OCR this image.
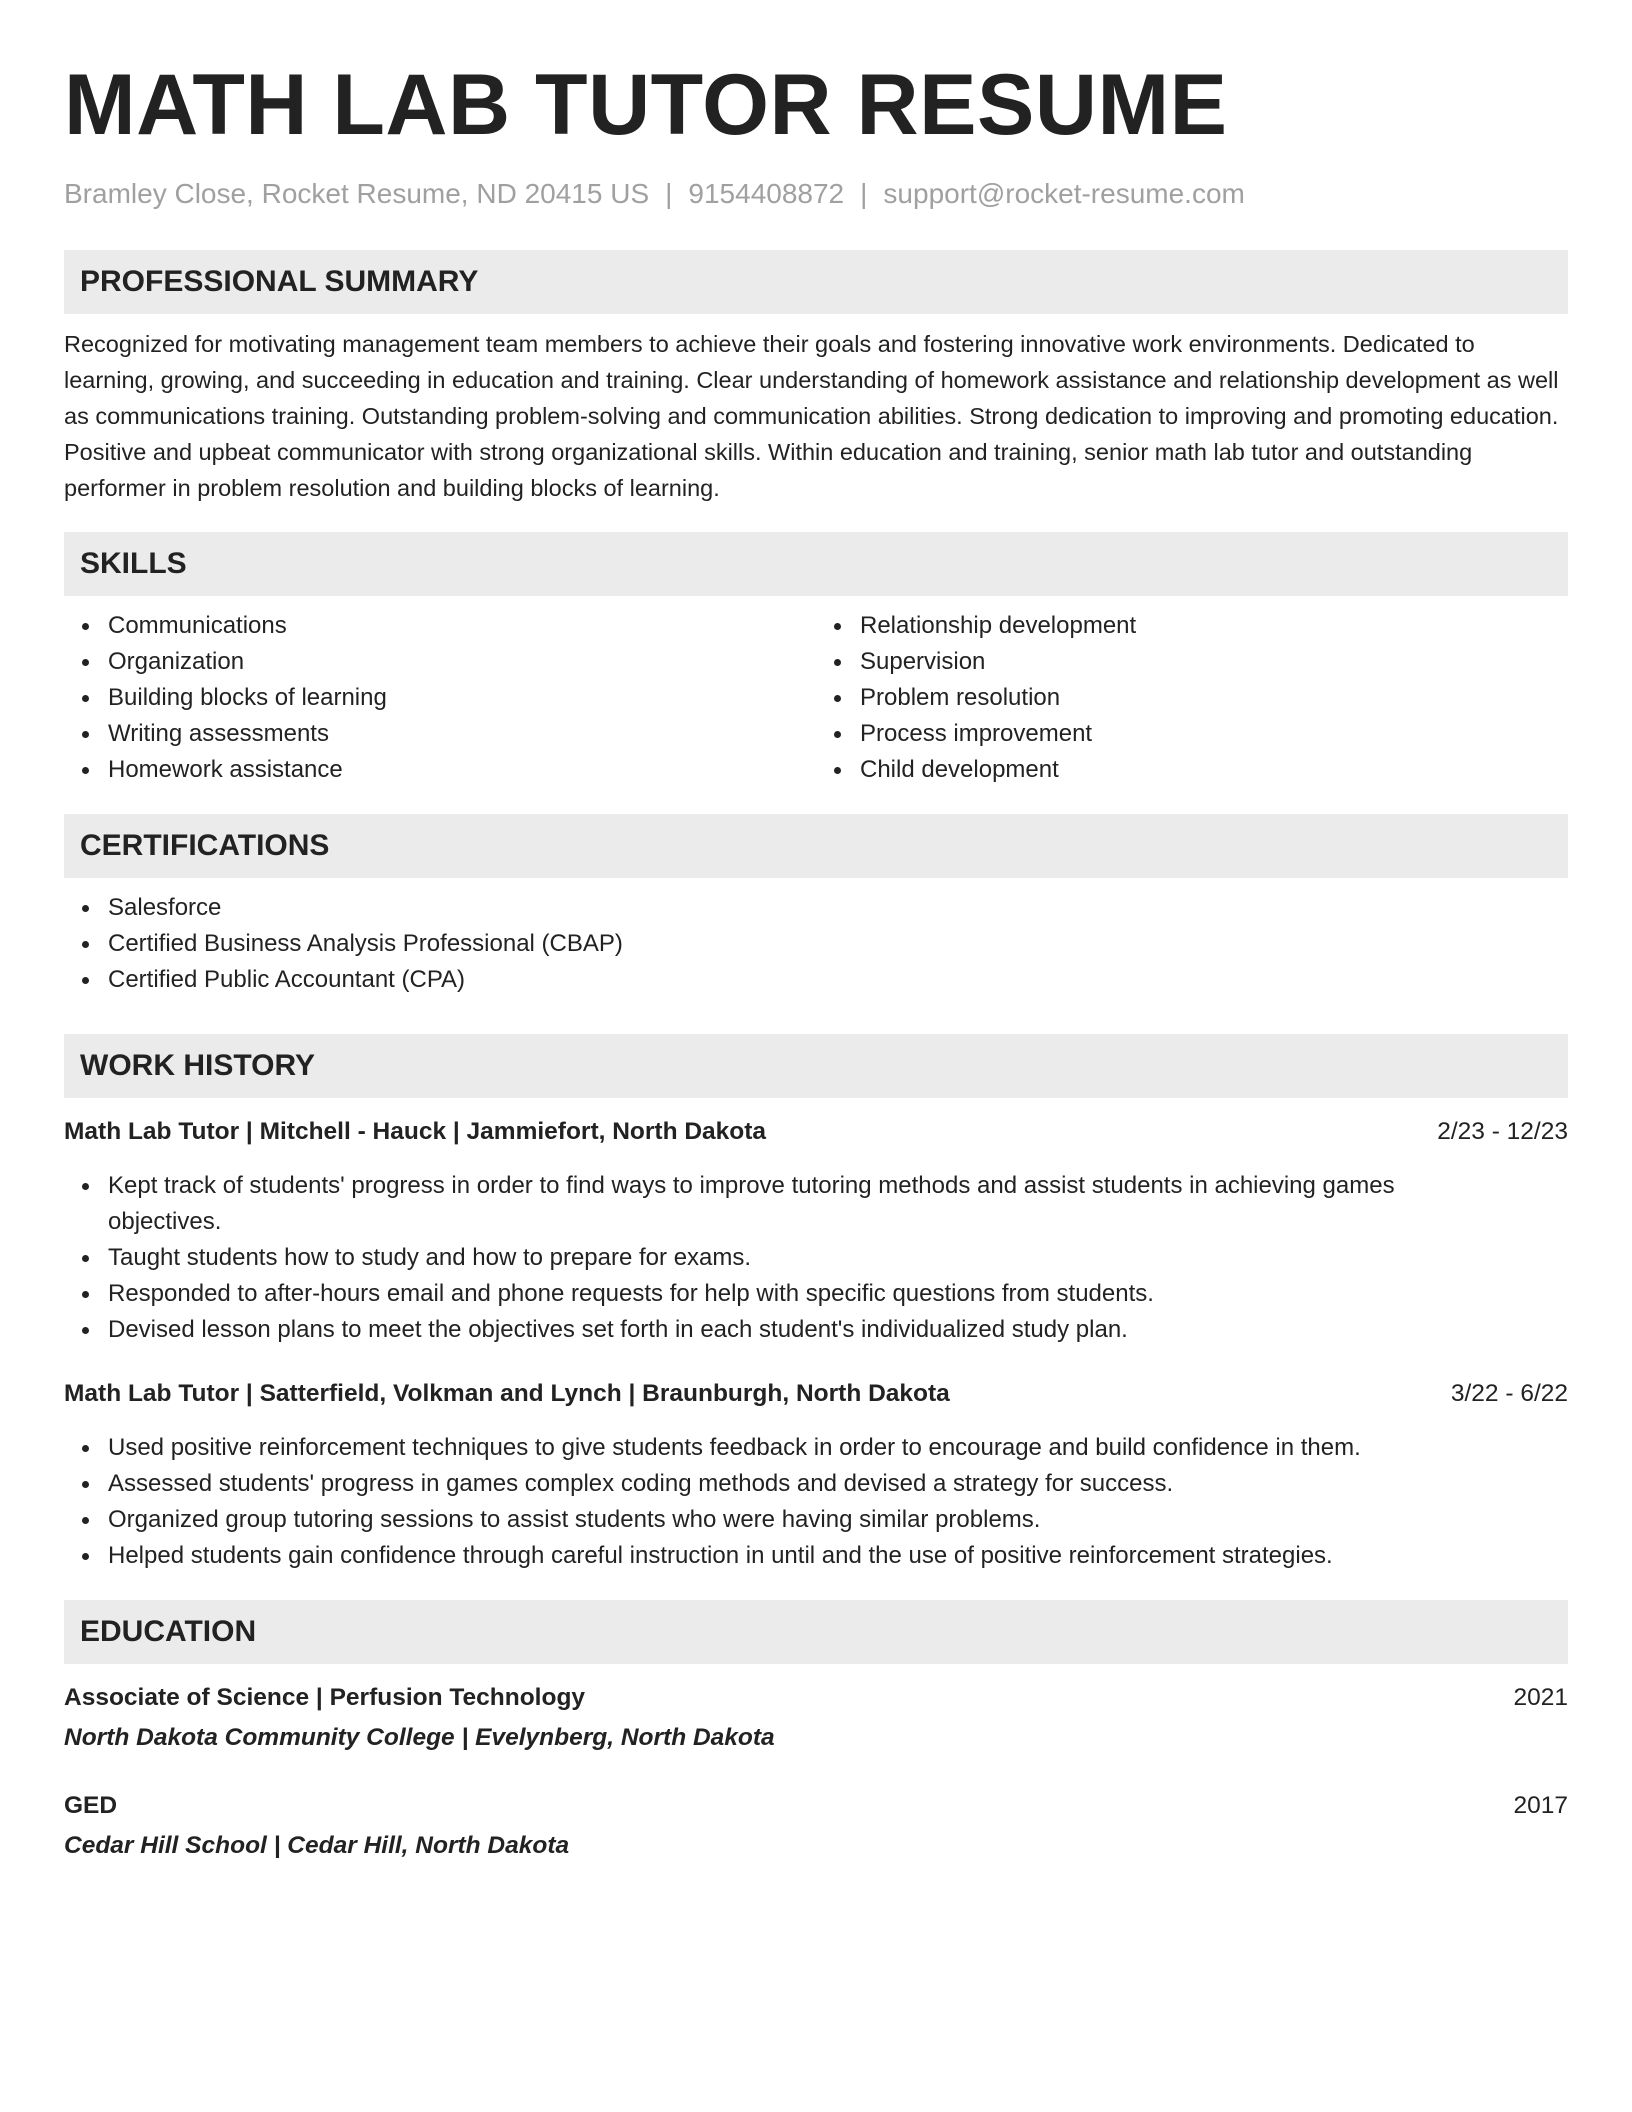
MATH LAB TUTOR RESUME
Bramley Close, Rocket Resume, ND 20415 US | 9154408872 | support@rocket-resume.com
PROFESSIONAL SUMMARY

Recognized for motivating management team members to achieve their goals and fostering innovative work environments. Dedicated to learning, growing, and succeeding in education and training. Clear understanding of homework assistance and relationship development as well as communications training. Outstanding problem-solving and communication abilities. Strong dedication to improving and promoting education. Positive and upbeat communicator with strong organizational skills. Within education and training, senior math lab tutor and outstanding performer in problem resolution and building blocks of learning.

SKILLS
Communications
Organization
Building blocks of learning
Writing assessments
Homework assistance
Relationship development
Supervision
Problem resolution
Process improvement
Child development
CERTIFICATIONS
Salesforce
Certified Business Analysis Professional (CBAP)
Certified Public Accountant (CPA)
WORK HISTORY
Math Lab Tutor | Mitchell - Hauck | Jammiefort, North Dakota	2/23 - 12/23
Kept track of students' progress in order to find ways to improve tutoring methods and assist students in achieving games objectives.
Taught students how to study and how to prepare for exams.
Responded to after-hours email and phone requests for help with specific questions from students.
Devised lesson plans to meet the objectives set forth in each student's individualized study plan.
Math Lab Tutor | Satterfield, Volkman and Lynch | Braunburgh, North Dakota	3/22 - 6/22
Used positive reinforcement techniques to give students feedback in order to encourage and build confidence in them.
Assessed students' progress in games complex coding methods and devised a strategy for success.
Organized group tutoring sessions to assist students who were having similar problems.
Helped students gain confidence through careful instruction in until and the use of positive reinforcement strategies.
EDUCATION
Associate of Science | Perfusion Technology	2021
North Dakota Community College | Evelynberg, North Dakota
GED	2017
Cedar Hill School | Cedar Hill, North Dakota
